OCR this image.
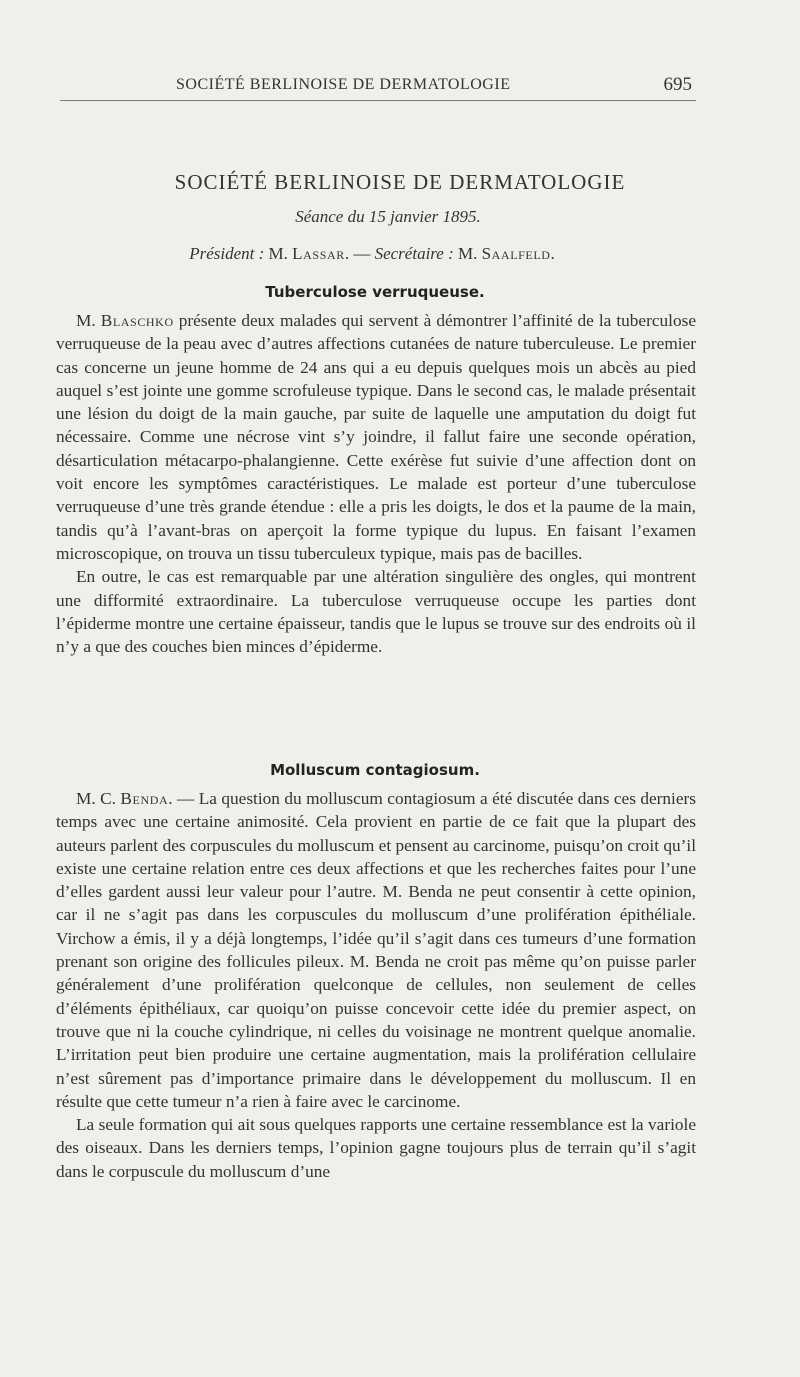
SOCIÉTÉ BERLINOISE DE DERMATOLOGIE	695
SOCIÉTÉ BERLINOISE DE DERMATOLOGIE
Séance du 15 janvier 1895.
Président : M. Lassar. — Secrétaire : M. Saalfeld.
Tuberculose verruqueuse.

M. Blaschko présente deux malades qui servent à démontrer l’affinité de la tuberculose verruqueuse de la peau avec d’autres affections cutanées de nature tuberculeuse. Le premier cas concerne un jeune homme de 24 ans qui a eu depuis quelques mois un abcès au pied auquel s’est jointe une gomme scrofuleuse typique. Dans le second cas, le malade présentait une lésion du doigt de la main gauche, par suite de laquelle une amputation du doigt fut nécessaire. Comme une nécrose vint s’y joindre, il fallut faire une seconde opération, désarticulation métacarpo-phalangienne. Cette exérèse fut suivie d’une affection dont on voit encore les symptômes caractéristiques. Le malade est porteur d’une tuberculose verruqueuse d’une très grande étendue : elle a pris les doigts, le dos et la paume de la main, tandis qu’à l’avant-bras on aperçoit la forme typique du lupus. En faisant l’examen microscopique, on trouva un tissu tuberculeux typique, mais pas de bacilles.

En outre, le cas est remarquable par une altération singulière des ongles, qui montrent une difformité extraordinaire. La tuberculose verruqueuse occupe les parties dont l’épiderme montre une certaine épaisseur, tandis que le lupus se trouve sur des endroits où il n’y a que des couches bien minces d’épiderme.

Molluscum contagiosum.

M. C. Benda. — La question du molluscum contagiosum a été discutée dans ces derniers temps avec une certaine animosité. Cela provient en partie de ce fait que la plupart des auteurs parlent des corpuscules du molluscum et pensent au carcinome, puisqu’on croit qu’il existe une certaine relation entre ces deux affections et que les recherches faites pour l’une d’elles gardent aussi leur valeur pour l’autre. M. Benda ne peut consentir à cette opinion, car il ne s’agit pas dans les corpuscules du molluscum d’une prolifération épithéliale. Virchow a émis, il y a déjà longtemps, l’idée qu’il s’agit dans ces tumeurs d’une formation prenant son origine des follicules pileux. M. Benda ne croit pas même qu’on puisse parler généralement d’une prolifération quelconque de cellules, non seulement de celles d’éléments épithéliaux, car quoiqu’on puisse concevoir cette idée du premier aspect, on trouve que ni la couche cylindrique, ni celles du voisinage ne montrent quelque anomalie. L’irritation peut bien produire une certaine augmentation, mais la prolifération cellulaire n’est sûrement pas d’importance primaire dans le développement du molluscum. Il en résulte que cette tumeur n’a rien à faire avec le carcinome.

La seule formation qui ait sous quelques rapports une certaine ressemblance est la variole des oiseaux. Dans les derniers temps, l’opinion gagne toujours plus de terrain qu’il s’agit dans le corpuscule du molluscum d’une
